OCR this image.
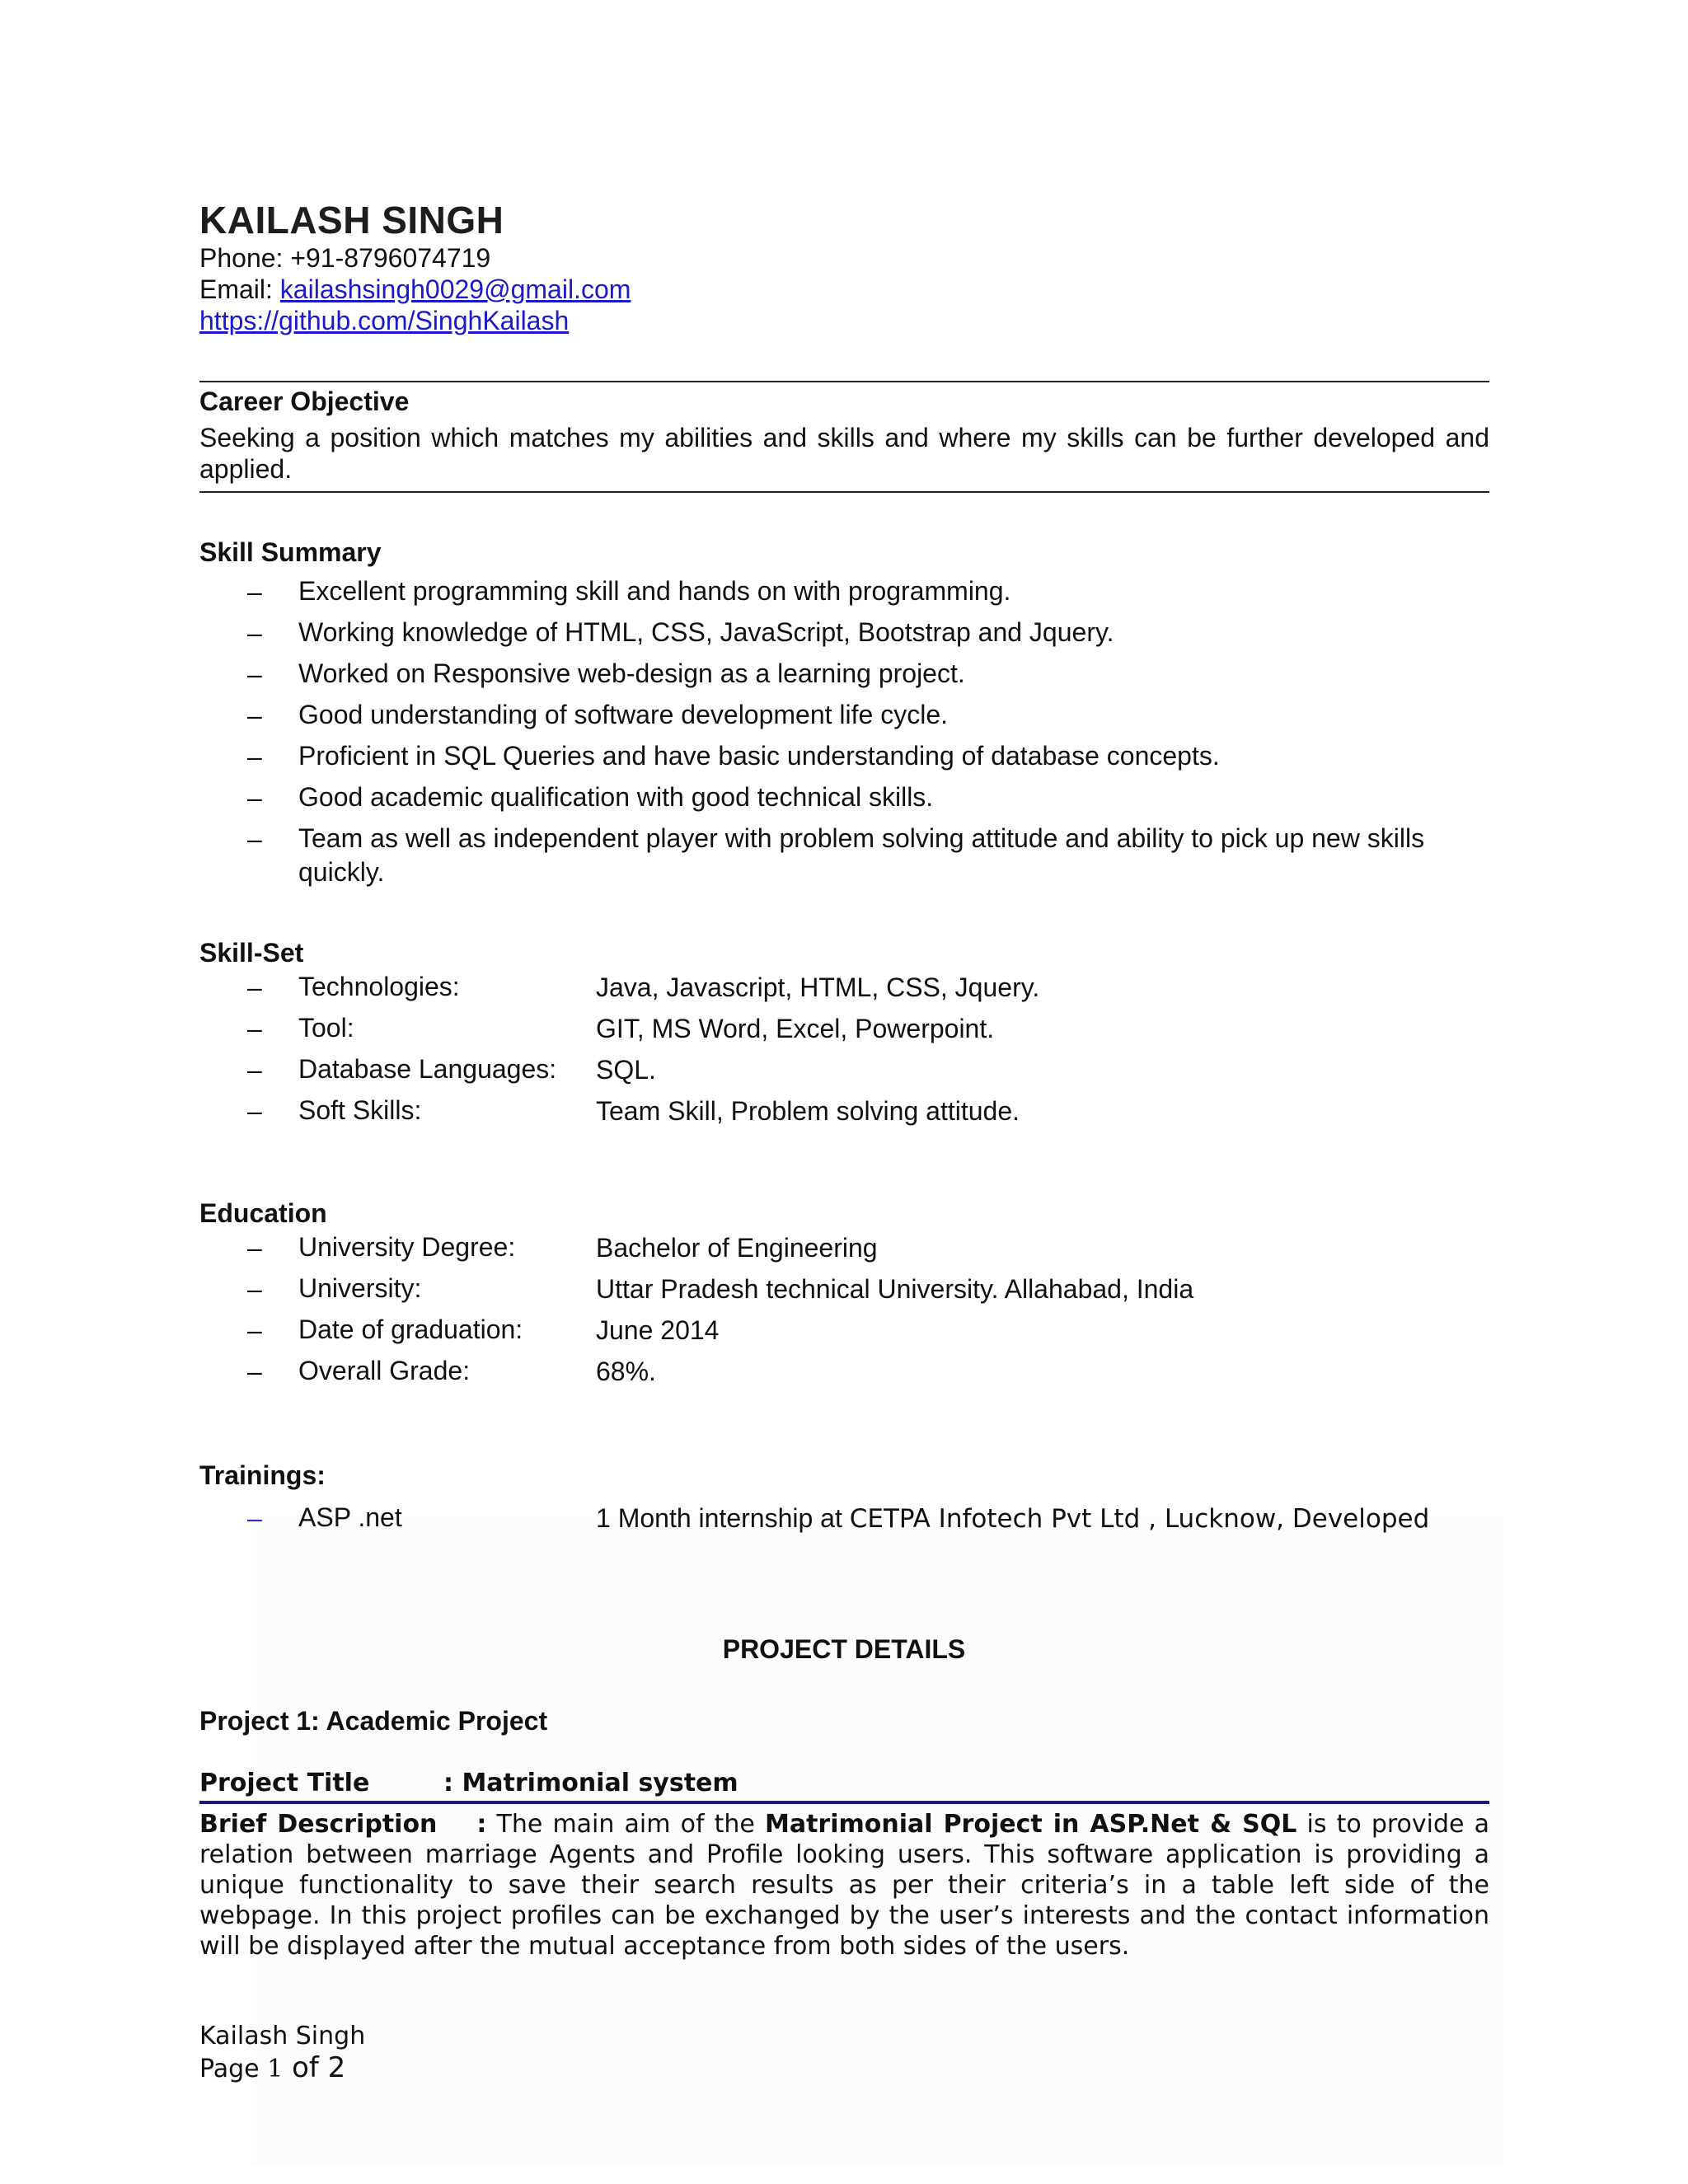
KAILASH SINGH
Phone: +91-8796074719
Email: kailashsingh0029@gmail.com
https://github.com/SinghKailash
Career Objective
Seeking a position which matches my abilities and skills and where my skills can be further developed and applied.
Skill Summary
– Excellent programming skill and hands on with programming.
– Working knowledge of HTML, CSS, JavaScript, Bootstrap and Jquery.
– Worked on Responsive web-design as a learning project.
– Good understanding of software development life cycle.
– Proficient in SQL Queries and have basic understanding of database concepts.
– Good academic qualification with good technical skills.
– Team as well as independent player with problem solving attitude and ability to pick up new skills quickly.
Skill-Set
– Technologies:	Java, Javascript, HTML, CSS, Jquery.
– Tool:	GIT, MS Word, Excel, Powerpoint.
– Database Languages: SQL.
– Soft Skills:	Team Skill, Problem solving attitude.
Education
– University Degree:	Bachelor of Engineering
– University:	Uttar Pradesh technical University. Allahabad, India
– Date of graduation:	June 2014
– Overall Grade:	68%.
Trainings:
– ASP .net	1 Month internship at CETPA Infotech Pvt Ltd , Lucknow, Developed
PROJECT DETAILS
Project 1: Academic Project
Project Title	: Matrimonial system
Brief Description : The main aim of the Matrimonial Project in ASP.Net & SQL is to provide a relation between marriage Agents and Profile looking users. This software application is providing a unique functionality to save their search results as per their criteria’s in a table left side of the webpage. In this project profiles can be exchanged by the user’s interests and the contact information will be displayed after the mutual acceptance from both sides of the users.
Kailash Singh
Page 1 of 2
